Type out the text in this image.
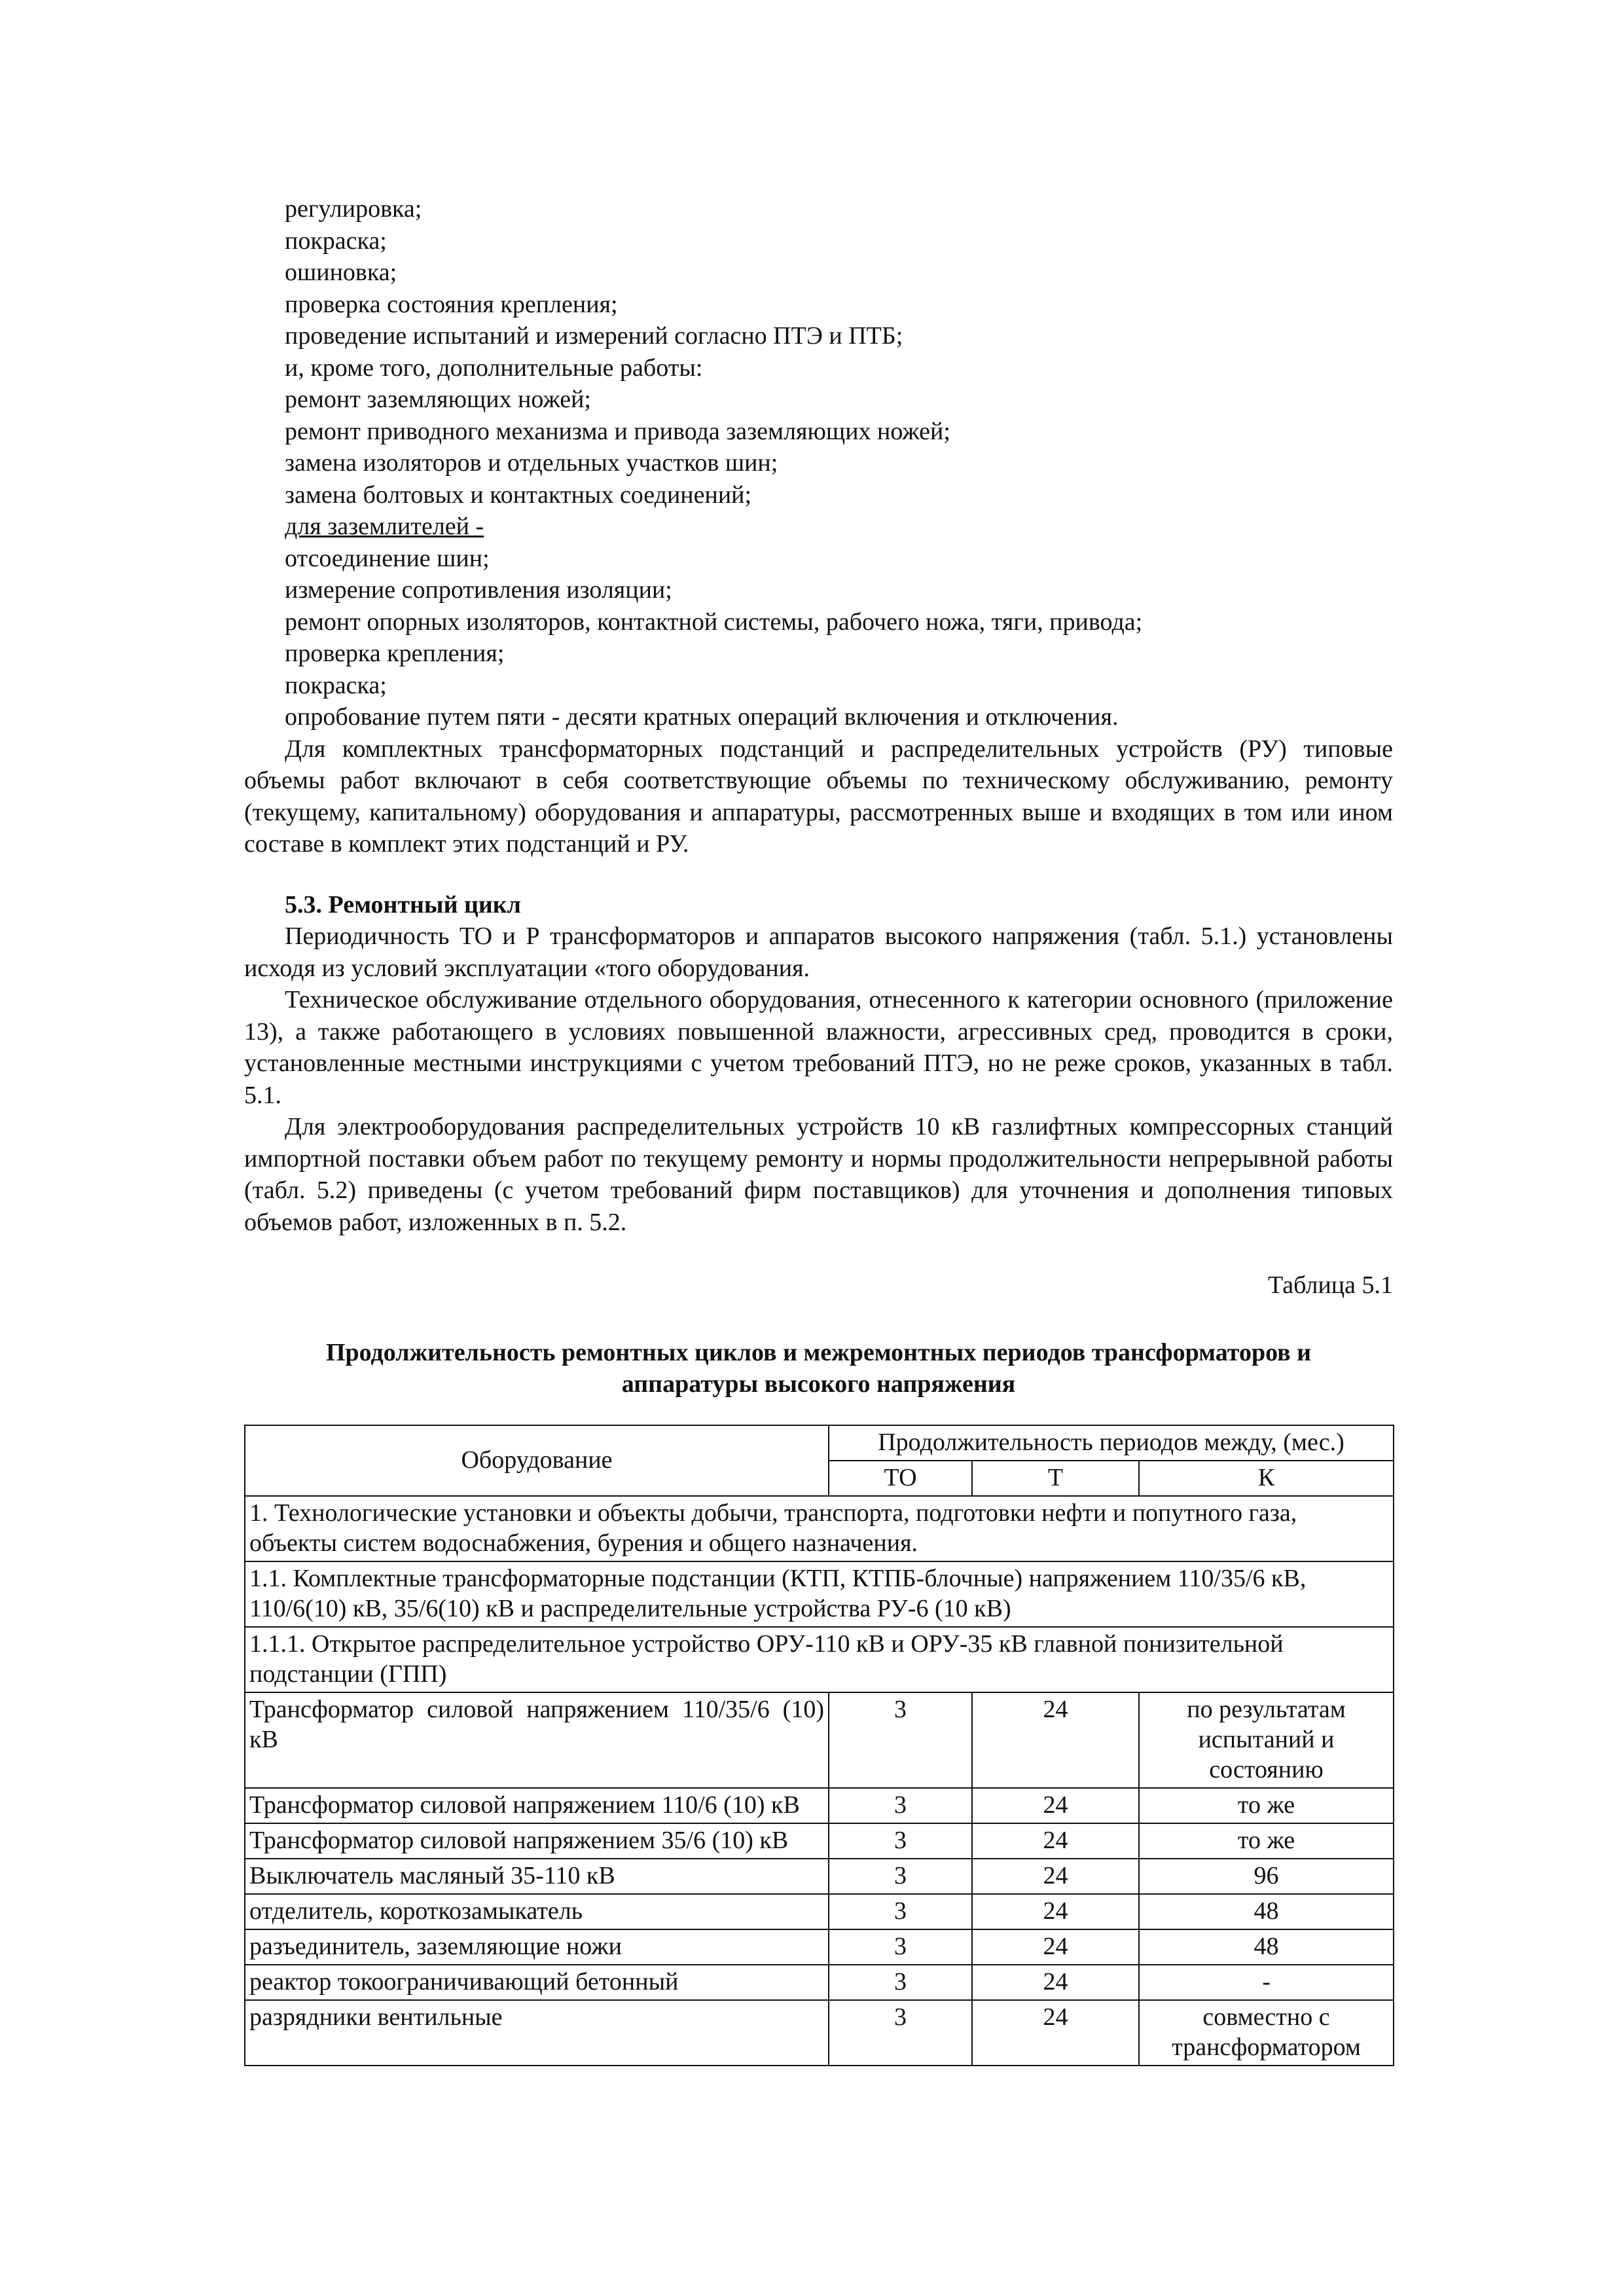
регулировка;

покраска;

ошиновка;

проверка состояния крепления;

проведение испытаний и измерений согласно ПТЭ и ПТБ;

и, кроме того, дополнительные работы:

ремонт заземляющих ножей;

ремонт приводного механизма и привода заземляющих ножей;

замена изоляторов и отдельных участков шин;

замена болтовых и контактных соединений;

для заземлителей -

отсоединение шин;

измерение сопротивления изоляции;

ремонт опорных изоляторов, контактной системы, рабочего ножа, тяги, привода;

проверка крепления;

покраска;

опробование путем пяти - десяти кратных операций включения и отключения.

Для комплектных трансформаторных подстанций и распределительных устройств (РУ) типовые объемы работ включают в себя соответствующие объемы по техническому обслуживанию, ремонту (текущему, капитальному) оборудования и аппаратуры, рассмотренных выше и входящих в том или ином составе в комплект этих подстанций и РУ.

5.3. Ремонтный цикл

Периодичность ТО и Р трансформаторов и аппаратов высокого напряжения (табл. 5.1.) установлены исходя из условий эксплуатации «того оборудования.

Техническое обслуживание отдельного оборудования, отнесенного к категории основного (приложение 13), а также работающего в условиях повышенной влажности, агрессивных сред, проводится в сроки, установленные местными инструкциями с учетом требований ПТЭ, но не реже сроков, указанных в табл. 5.1.

Для электрооборудования распределительных устройств 10 кВ газлифтных компрессорных станций импортной поставки объем работ по текущему ремонту и нормы продолжительности непрерывной работы (табл. 5.2) приведены (с учетом требований фирм поставщиков) для уточнения и дополнения типовых объемов работ, изложенных в п. 5.2.

Таблица 5.1

Продолжительность ремонтных циклов и межремонтных периодов трансформаторов и
аппаратуры высокого напряжения
Оборудование	Продолжительность периодов между, (мес.)		
	ТО	Т	К
1. Технологические установки и объекты добычи, транспорта, подготовки нефти и попутного газа, объекты систем водоснабжения, бурения и общего назначения.			
1.1. Комплектные трансформаторные подстанции (КТП, КТПБ-блочные) напряжением 110/35/6 кВ, 110/6(10) кВ, 35/6(10) кВ и распределительные устройства РУ-6 (10 кВ)			
1.1.1. Открытое распределительное устройство ОРУ-110 кВ и ОРУ-35 кВ главной понизительной подстанции (ГПП)			
Трансформатор силовой напряжением 110/35/6 (10) кВ	3	24	по результатам испытаний и состоянию
Трансформатор силовой напряжением 110/6 (10) кВ	3	24	то же
Трансформатор силовой напряжением 35/6 (10) кВ	3	24	то же
Выключатель масляный 35-110 кВ	3	24	96
отделитель, короткозамыкатель	3	24	48
разъединитель, заземляющие ножи	3	24	48
реактор токоограничивающий бетонный	3	24	-
разрядники вентильные	3	24	совместно с трансформатором
